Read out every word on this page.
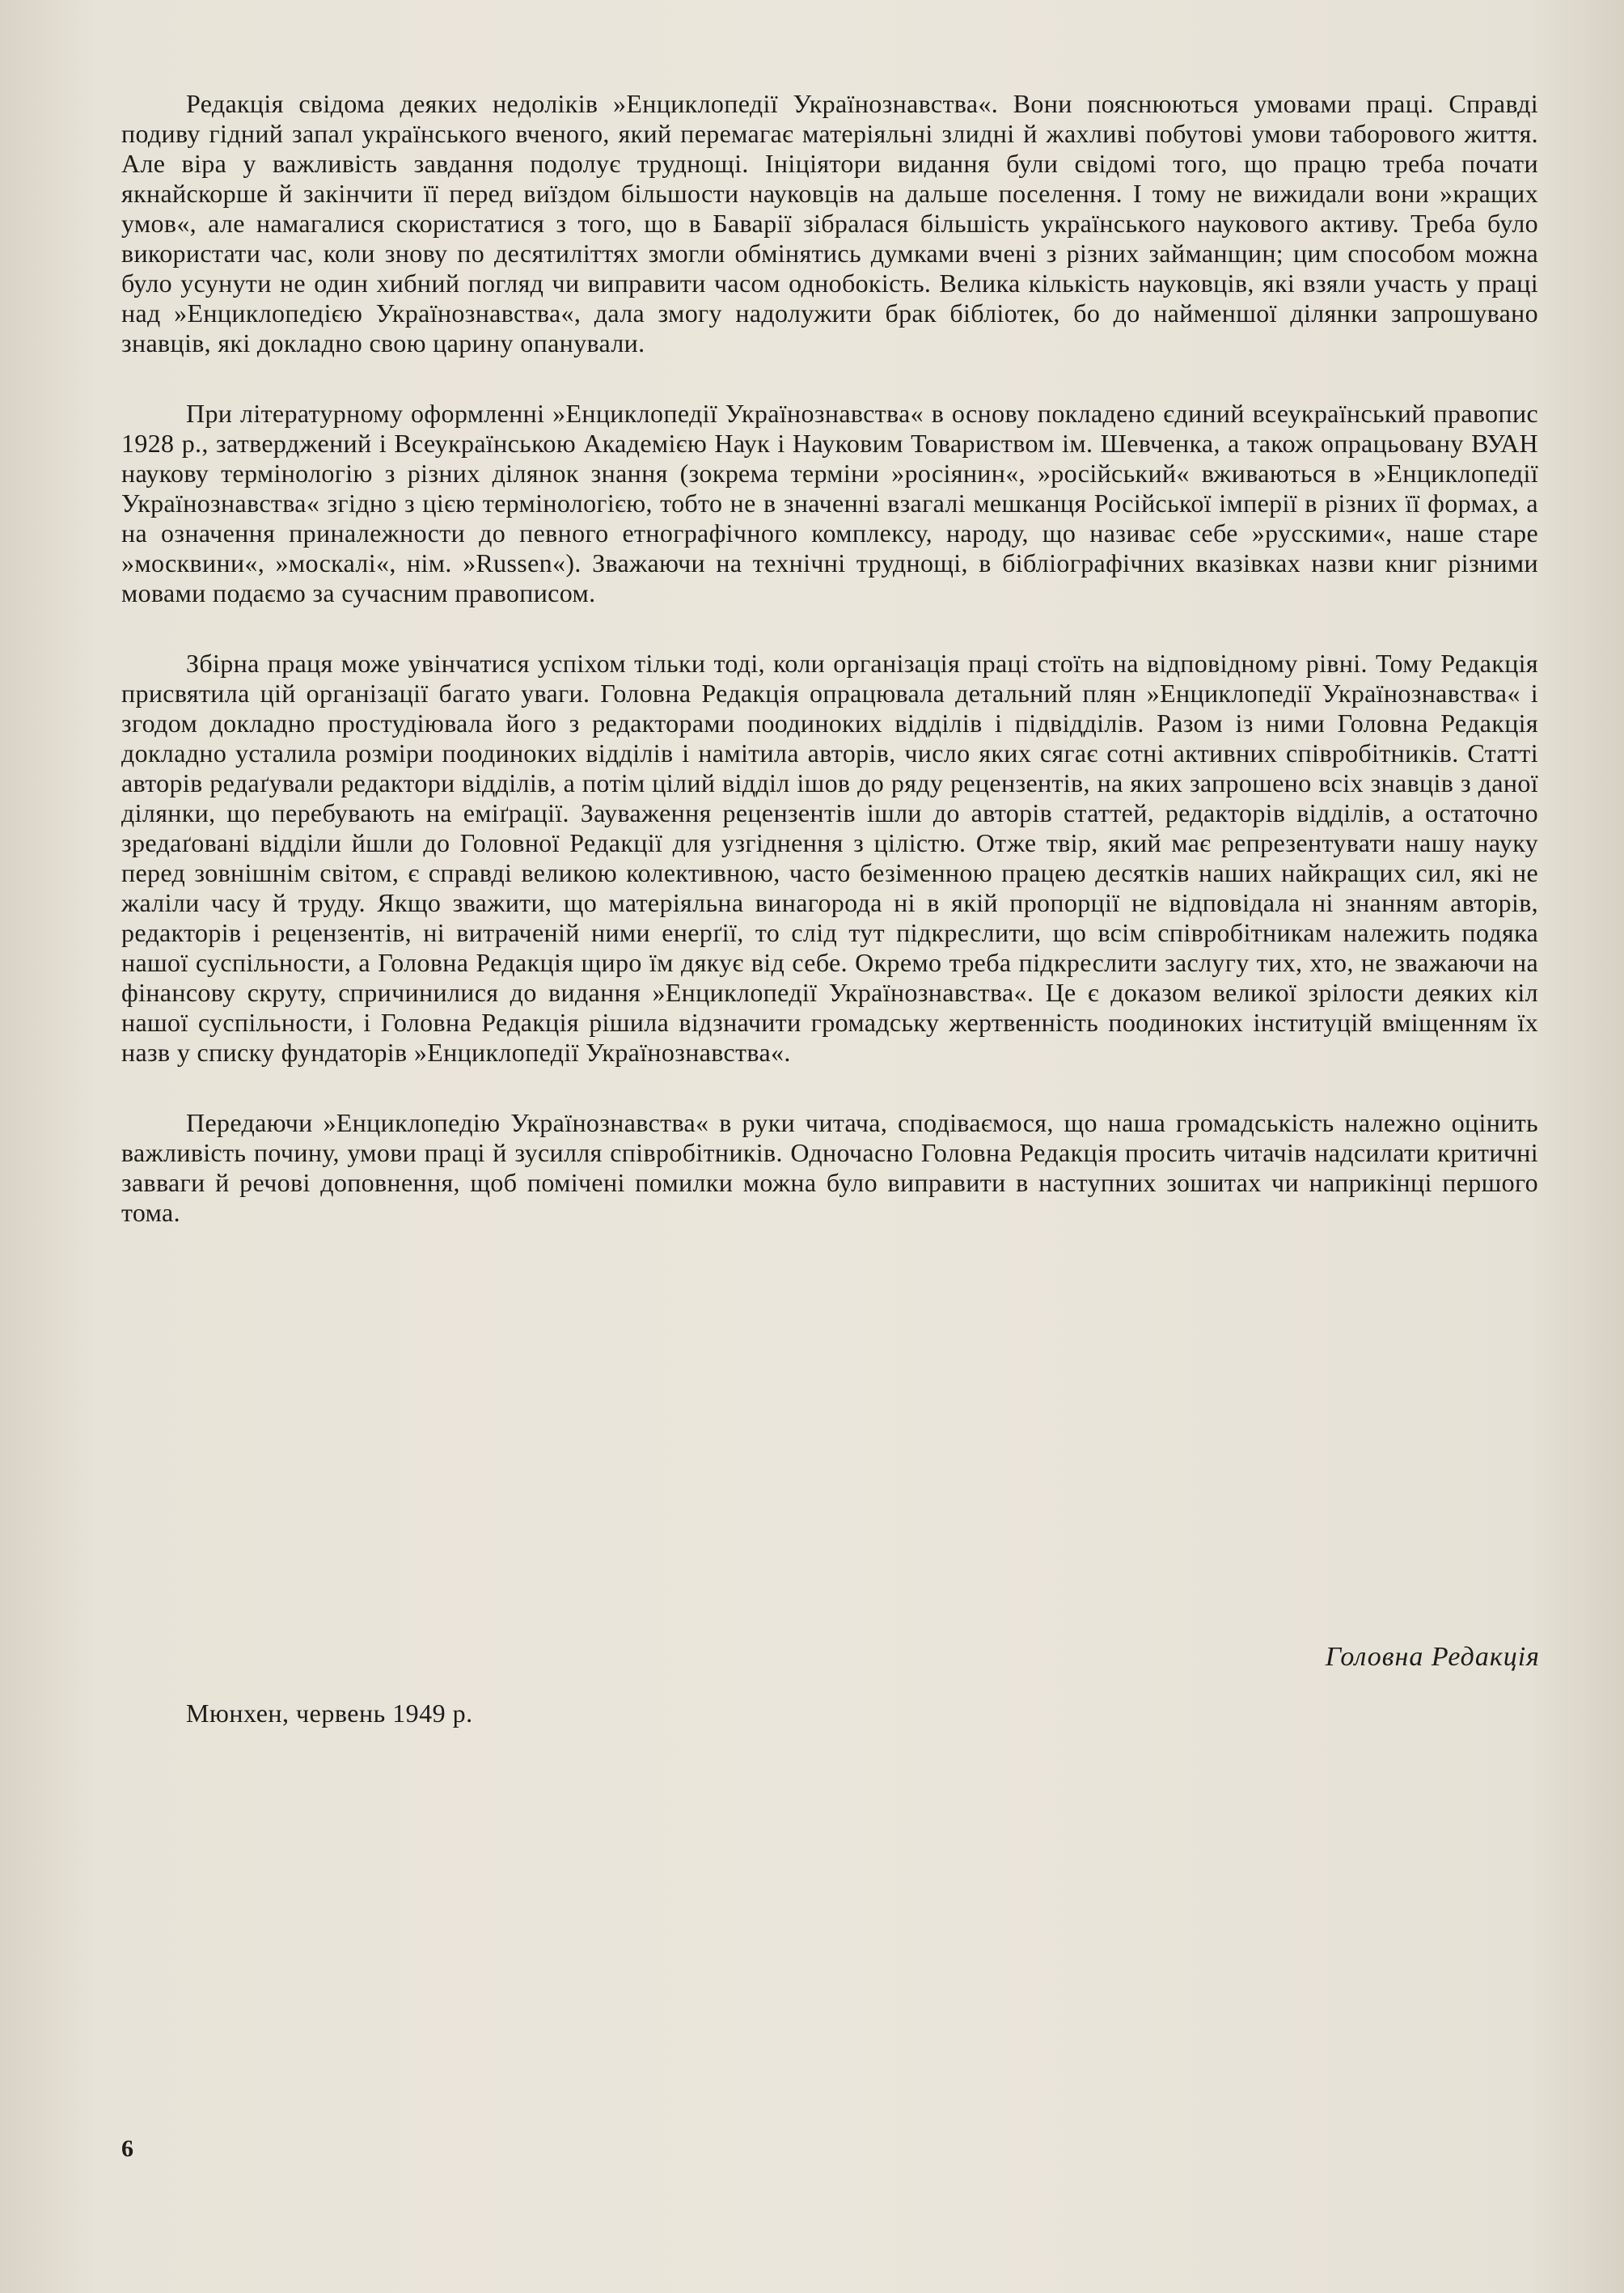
Редакція свідома деяких недоліків »Енциклопедії Українознавства«. Вони пояснюються умовами праці. Справді подиву гідний запал українського вченого, який перемагає матеріяльні злидні й жахливі побутові умови таборового життя. Але віра у важливість завдання подолує труднощі. Ініціятори видання були свідомі того, що працю треба почати якнайскорше й закінчити її перед виїздом більшости науковців на дальше поселення. І тому не вижидали вони »кращих умов«, але намагалися скористатися з того, що в Баварії зібралася більшість українського наукового активу. Треба було використати час, коли знову по десятиліттях змогли обмінятись думками вчені з різних займанщин; цим способом можна було усунути не один хибний погляд чи виправити часом однобокість. Велика кількість науковців, які взяли участь у праці над »Енциклопедією Українознавства«, дала змогу надолужити брак бібліотек, бо до найменшої ділянки запрошувано знавців, які докладно свою царину опанували.

При літературному оформленні »Енциклопедії Українознавства« в основу покладено єдиний всеукраїнський правопис 1928 р., затверджений і Всеукраїнською Академією Наук і Науковим Товариством ім. Шевченка, а також опрацьовану ВУАН наукову термінологію з різних ділянок знання (зокрема терміни »росіянин«, »російський« вживаються в »Енциклопедії Українознавства« згідно з цією термінологією, тобто не в значенні взагалі мешканця Російської імперії в різних її формах, а на означення приналежности до певного етнографічного комплексу, народу, що називає себе »русскими«, наше старе »москвини«, »москалі«, нім. »Russen«). Зважаючи на технічні труднощі, в бібліографічних вказівках назви книг різними мовами подаємо за сучасним правописом.

Збірна праця може увінчатися успіхом тільки тоді, коли організація праці стоїть на відповідному рівні. Тому Редакція присвятила цій організації багато уваги. Головна Редакція опрацювала детальний плян »Енциклопедії Українознавства« і згодом докладно простудіювала його з редакторами поодиноких відділів і підвідділів. Разом із ними Головна Редакція докладно усталила розміри поодиноких відділів і намітила авторів, число яких сягає сотні активних співробітників. Статті авторів редаґували редактори відділів, а потім цілий відділ ішов до ряду рецензентів, на яких запрошено всіх знавців з даної ділянки, що перебувають на еміґрації. Зауваження рецензентів ішли до авторів статтей, редакторів відділів, а остаточно зредаґовані відділи йшли до Головної Редакції для узгіднення з цілістю. Отже твір, який має репрезентувати нашу науку перед зовнішнім світом, є справді великою колективною, часто безіменною працею десятків наших найкращих сил, які не жаліли часу й труду. Якщо зважити, що матеріяльна винагорода ні в якій пропорції не відповідала ні знанням авторів, редакторів і рецензентів, ні витраченій ними енерґії, то слід тут підкреслити, що всім співробітникам належить подяка нашої суспільности, а Головна Редакція щиро їм дякує від себе. Окремо треба підкреслити заслугу тих, хто, не зважаючи на фінансову скруту, спричинилися до видання »Енциклопедії Українознавства«. Це є доказом великої зрілости деяких кіл нашої суспільности, і Головна Редакція рішила відзначити громадську жертвенність поодиноких інституцій вміщенням їх назв у списку фундаторів »Енциклопедії Українознавства«.

Передаючи »Енциклопедію Українознавства« в руки читача, сподіваємося, що наша громадськість належно оцінить важливість почину, умови праці й зусилля співробітників. Одночасно Головна Редакція просить читачів надсилати критичні завваги й речові доповнення, щоб помічені помилки можна було виправити в наступних зошитах чи наприкінці першого тома.

Головна Редакція
Мюнхен, червень 1949 р.
6
